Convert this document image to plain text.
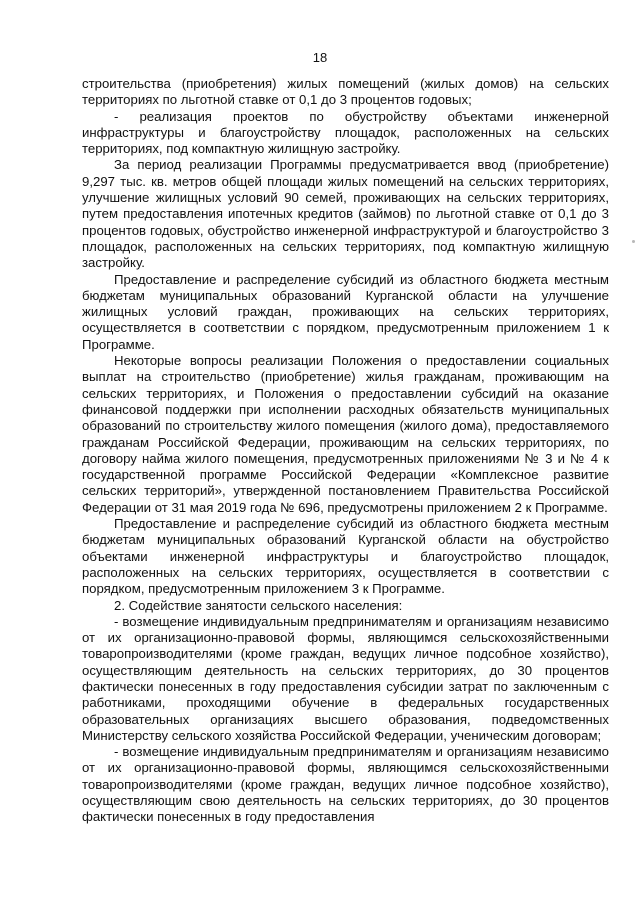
18

строительства (приобретения) жилых помещений (жилых домов) на сельских территориях по льготной ставке от 0,1 до 3 процентов годовых;

- реализация проектов по обустройству объектами инженерной инфраструктуры и благоустройству площадок, расположенных на сельских территориях, под компактную жилищную застройку.

За период реализации Программы предусматривается ввод (приобретение) 9,297 тыс. кв. метров общей площади жилых помещений на сельских территориях, улучшение жилищных условий 90 семей, проживающих на сельских территориях, путем предоставления ипотечных кредитов (займов) по льготной ставке от 0,1 до 3 процентов годовых, обустройство инженерной инфраструктурой и благоустройство 3 площадок, расположенных на сельских территориях, под компактную жилищную застройку.

Предоставление и распределение субсидий из областного бюджета местным бюджетам муниципальных образований Курганской области на улучшение жилищных условий граждан, проживающих на сельских территориях, осуществляется в соответствии с порядком, предусмотренным приложением 1 к Программе.

Некоторые вопросы реализации Положения о предоставлении социальных выплат на строительство (приобретение) жилья гражданам, проживающим на сельских территориях, и Положения о предоставлении субсидий на оказание финансовой поддержки при исполнении расходных обязательств муниципальных образований по строительству жилого помещения (жилого дома), предоставляемого гражданам Российской Федерации, проживающим на сельских территориях, по договору найма жилого помещения, предусмотренных приложениями № 3 и № 4 к государственной программе Российской Федерации «Комплексное развитие сельских территорий», утвержденной постановлением Правительства Российской Федерации от 31 мая 2019 года № 696, предусмотрены приложением 2 к Программе.

Предоставление и распределение субсидий из областного бюджета местным бюджетам муниципальных образований Курганской области на обустройство объектами инженерной инфраструктуры и благоустройство площадок, расположенных на сельских территориях, осуществляется в соответствии с порядком, предусмотренным приложением 3 к Программе.

2. Содействие занятости сельского населения:

- возмещение индивидуальным предпринимателям и организациям независимо от их организационно-правовой формы, являющимся сельскохозяйственными товаропроизводителями (кроме граждан, ведущих личное подсобное хозяйство), осуществляющим деятельность на сельских территориях, до 30 процентов фактически понесенных в году предоставления субсидии затрат по заключенным с работниками, проходящими обучение в федеральных государственных образовательных организациях высшего образования, подведомственных Министерству сельского хозяйства Российской Федерации, ученическим договорам;

- возмещение индивидуальным предпринимателям и организациям независимо от их организационно-правовой формы, являющимся сельскохозяйственными товаропроизводителями (кроме граждан, ведущих личное подсобное хозяйство), осуществляющим свою деятельность на сельских территориях, до 30 процентов фактически понесенных в году предоставления
